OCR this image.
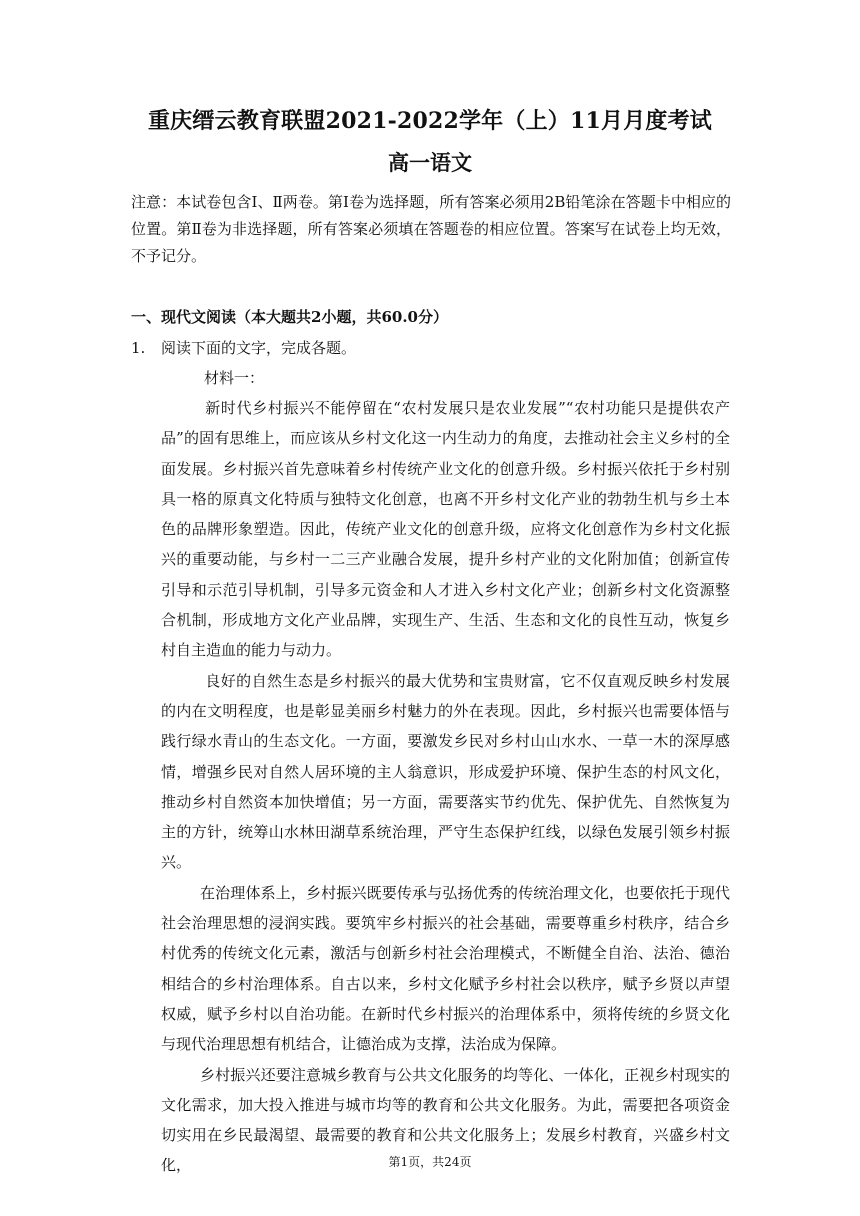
重庆缙云教育联盟2021-2022学年（上）11月月度考试
高一语文
注意：本试卷包含Ⅰ、Ⅱ两卷。第Ⅰ卷为选择题，所有答案必须用2B铅笔涂在答题卡中相应的位置。第Ⅱ卷为非选择题，所有答案必须填在答题卷的相应位置。答案写在试卷上均无效，不予记分。
一、现代文阅读（本大题共2小题，共60.0分）
1. 阅读下面的文字，完成各题。
材料一：

新时代乡村振兴不能停留在“农村发展只是农业发展”“农村功能只是提供农产品”的固有思维上，而应该从乡村文化这一内生动力的角度，去推动社会主义乡村的全面发展。乡村振兴首先意味着乡村传统产业文化的创意升级。乡村振兴依托于乡村别具一格的原真文化特质与独特文化创意，也离不开乡村文化产业的勃勃生机与乡土本色的品牌形象塑造。因此，传统产业文化的创意升级，应将文化创意作为乡村文化振兴的重要动能，与乡村一二三产业融合发展，提升乡村产业的文化附加值；创新宣传引导和示范引导机制，引导多元资金和人才进入乡村文化产业；创新乡村文化资源整合机制，形成地方文化产业品牌，实现生产、生活、生态和文化的良性互动，恢复乡村自主造血的能力与动力。

良好的自然生态是乡村振兴的最大优势和宝贵财富，它不仅直观反映乡村发展的内在文明程度，也是彰显美丽乡村魅力的外在表现。因此，乡村振兴也需要体悟与践行绿水青山的生态文化。一方面，要激发乡民对乡村山山水水、一草一木的深厚感情，增强乡民对自然人居环境的主人翁意识，形成爱护环境、保护生态的村风文化，推动乡村自然资本加快增值；另一方面，需要落实节约优先、保护优先、自然恢复为主的方针，统筹山水林田湖草系统治理，严守生态保护红线，以绿色发展引领乡村振兴。

在治理体系上，乡村振兴既要传承与弘扬优秀的传统治理文化，也要依托于现代社会治理思想的浸润实践。要筑牢乡村振兴的社会基础，需要尊重乡村秩序，结合乡村优秀的传统文化元素，激活与创新乡村社会治理模式，不断健全自治、法治、德治相结合的乡村治理体系。自古以来，乡村文化赋予乡村社会以秩序，赋予乡贤以声望权威，赋予乡村以自治功能。在新时代乡村振兴的治理体系中，须将传统的乡贤文化与现代治理思想有机结合，让德治成为支撑，法治成为保障。

乡村振兴还要注意城乡教育与公共文化服务的均等化、一体化，正视乡村现实的文化需求，加大投入推进与城市均等的教育和公共文化服务。为此，需要把各项资金切实用在乡民最渴望、最需要的教育和公共文化服务上；发展乡村教育，兴盛乡村文化，	第1页，共24页
